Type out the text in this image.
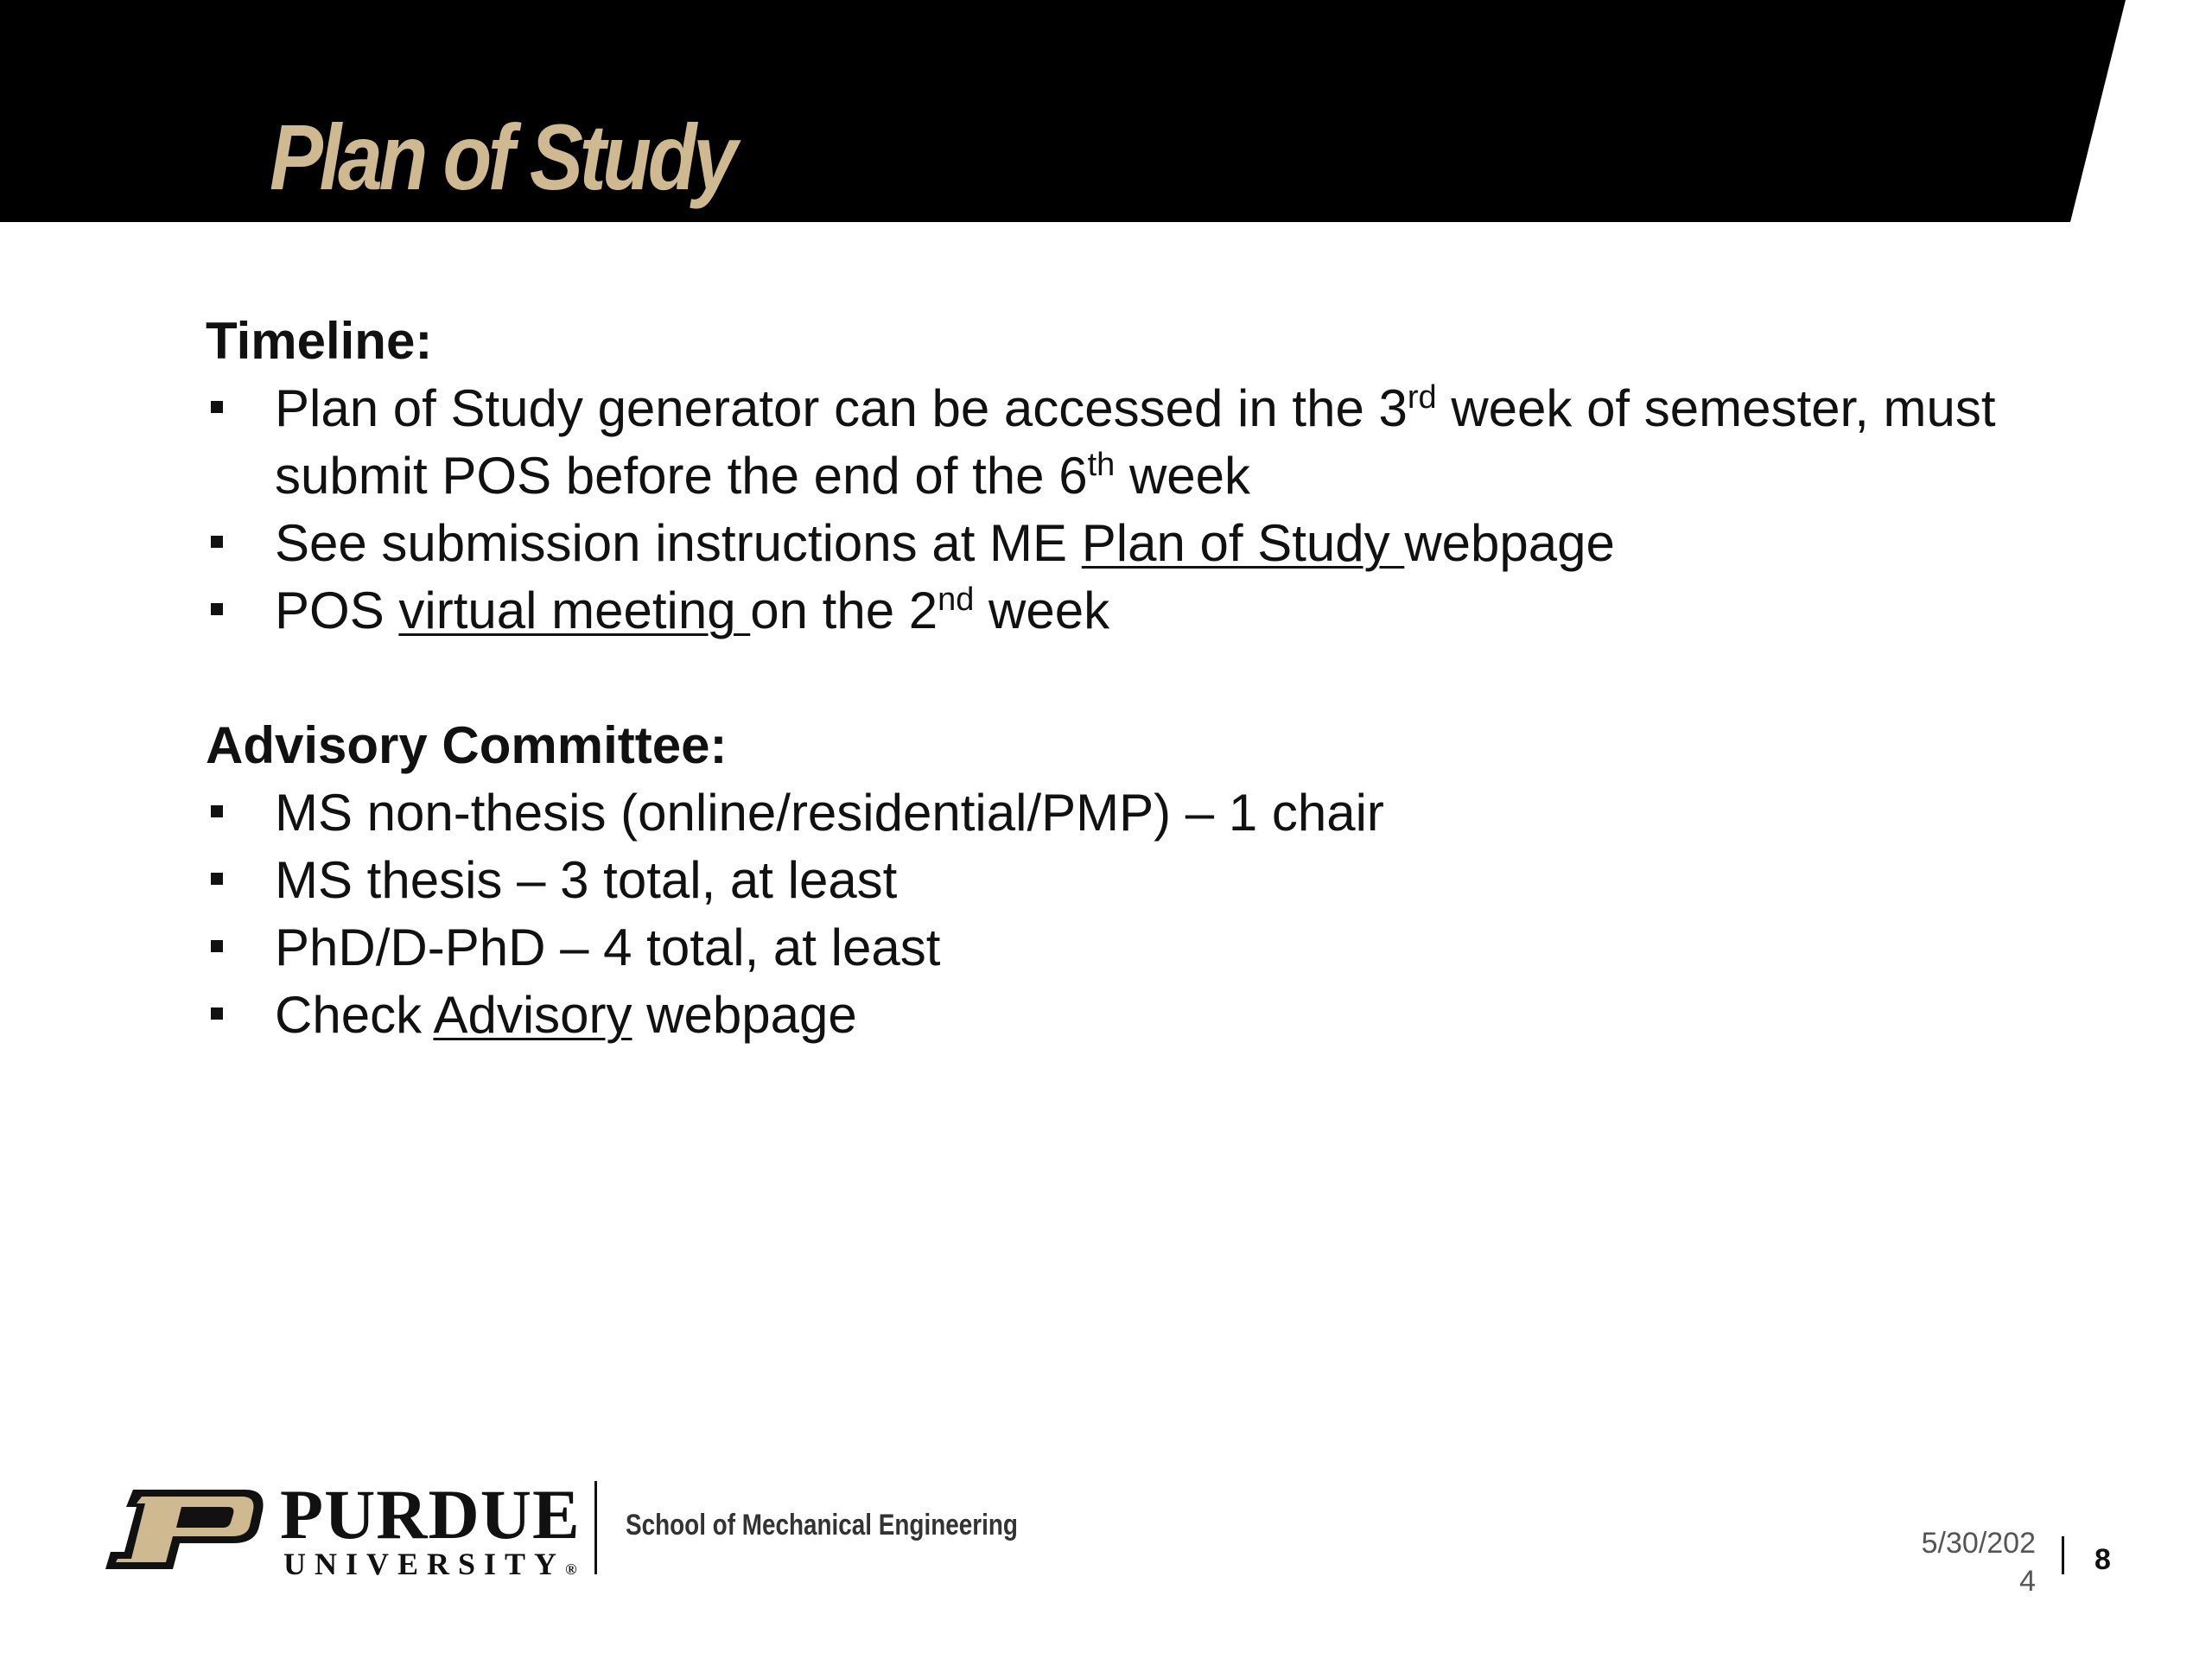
Plan of Study

Timeline:

Plan of Study generator can be accessed in the 3rd week of semester, must submit POS before the end of the 6th week
See submission instructions at ME Plan of Study webpage
POS virtual meeting on the 2nd week

Advisory Committee:

MS non-thesis (online/residential/PMP) – 1 chair
MS thesis – 3 total, at least
PhD/D-PhD – 4 total, at least
Check Advisory webpage
PURDUE
UNIVERSITY®
School of Mechanical Engineering
5/30/202
4
8
